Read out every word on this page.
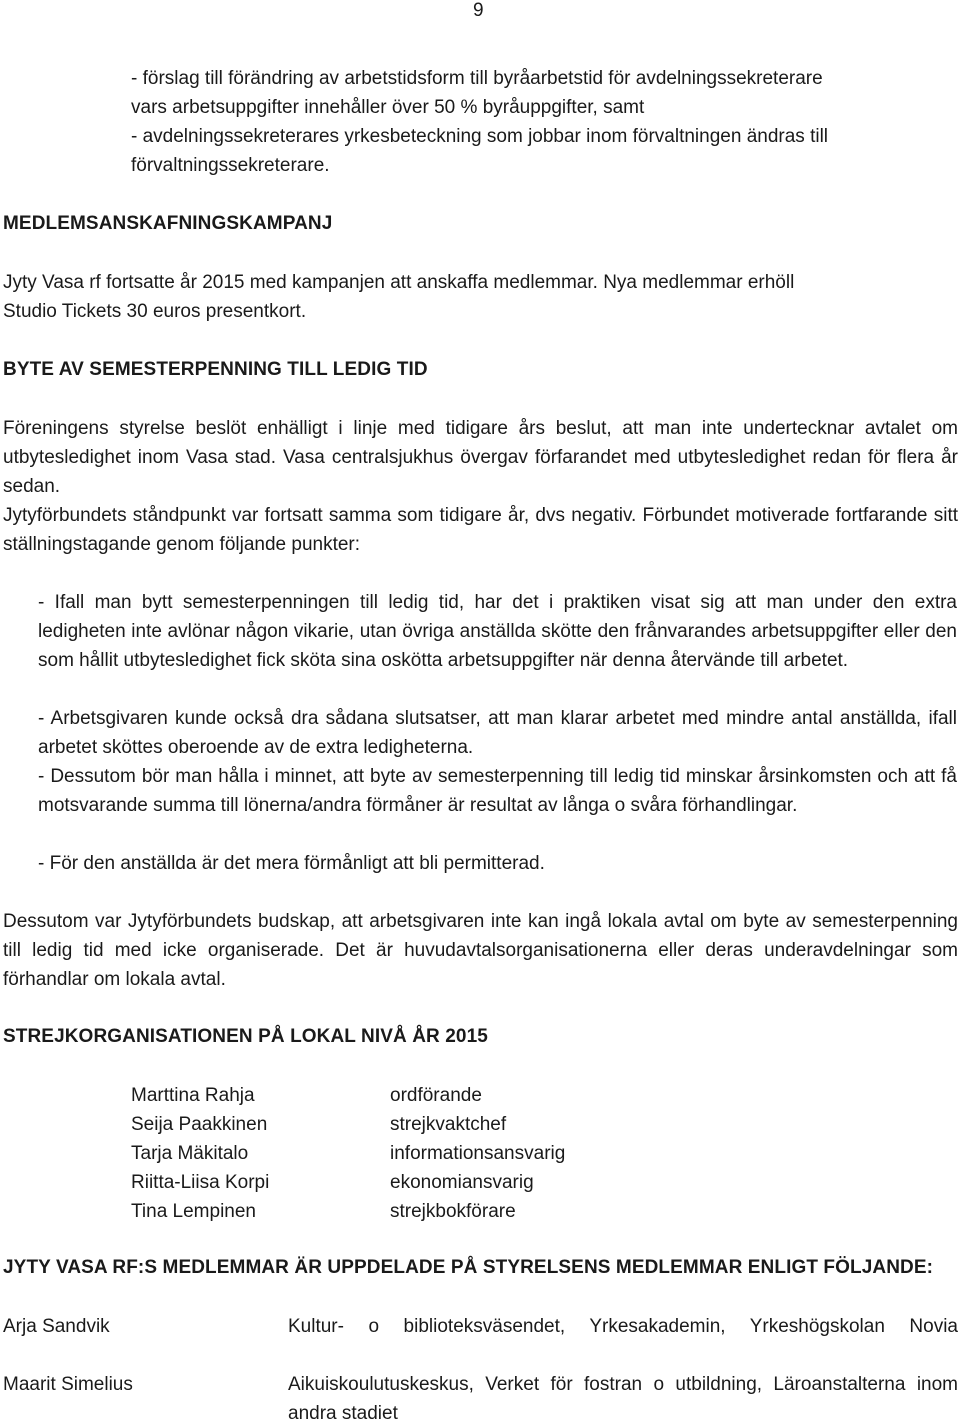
9

- förslag till förändring av arbetstidsform till byråarbetstid för avdelningssekreterare

vars arbetsuppgifter innehåller över 50 % byråuppgifter, samt

- avdelningssekreterares yrkesbeteckning som jobbar inom förvaltningen ändras till

förvaltningssekreterare.

MEDLEMSANSKAFNINGSKAMPANJ

Jyty Vasa rf fortsatte år 2015 med kampanjen att anskaffa medlemmar. Nya medlemmar erhöll

Studio Tickets 30 euros presentkort.

BYTE AV SEMESTERPENNING TILL LEDIG TID
Föreningens styrelse beslöt enhälligt i linje med tidigare års beslut, att man inte undertecknar avtalet om utbytesledighet inom Vasa stad. Vasa centralsjukhus övergav förfarandet med utbytesledighet redan för flera år sedan.
Jytyförbundets ståndpunkt var fortsatt samma som tidigare år, dvs negativ. Förbundet motiverade fortfarande sitt ställningstagande genom följande punkter:
- Ifall man bytt semesterpenningen till ledig tid, har det i praktiken visat sig att man under den extra ledigheten inte avlönar någon vikarie, utan övriga anställda skötte den frånvarandes arbetsuppgifter eller den som hållit utbytesledighet fick sköta sina oskötta arbetsuppgifter när denna återvände till arbetet.
- Arbetsgivaren kunde också dra sådana slutsatser, att man klarar arbetet med mindre antal anställda, ifall arbetet sköttes oberoende av de extra ledigheterna.
- Dessutom bör man hålla i minnet, att byte av semesterpenning till ledig tid minskar årsinkomsten och att få motsvarande summa till lönerna/andra förmåner är resultat av långa o svåra förhandlingar.
- För den anställda är det mera förmånligt att bli permitterad.
Dessutom var Jytyförbundets budskap, att arbetsgivaren inte kan ingå lokala avtal om byte av semesterpenning till ledig tid med icke organiserade. Det är huvudavtalsorganisationerna eller deras underavdelningar som förhandlar om lokala avtal.
STREJKORGANISATIONEN PÅ LOKAL NIVÅ ÅR 2015
Marttina Rahja	ordförande
Seija Paakkinen	strejkvaktchef
Tarja Mäkitalo	informationsansvarig
Riitta-Liisa Korpi	ekonomiansvarig
Tina Lempinen	strejkbokförare
JYTY VASA RF:S MEDLEMMAR ÄR UPPDELADE PÅ STYRELSENS MEDLEMMAR ENLIGT FÖLJANDE:
Arja Sandvik	Kultur- o biblioteksväsendet, Yrkesakademin, Yrkeshögskolan Novia
Maarit Simelius	Aikuiskoulutuskeskus, Verket för fostran o utbildning, Läroanstalterna inom andra stadiet
